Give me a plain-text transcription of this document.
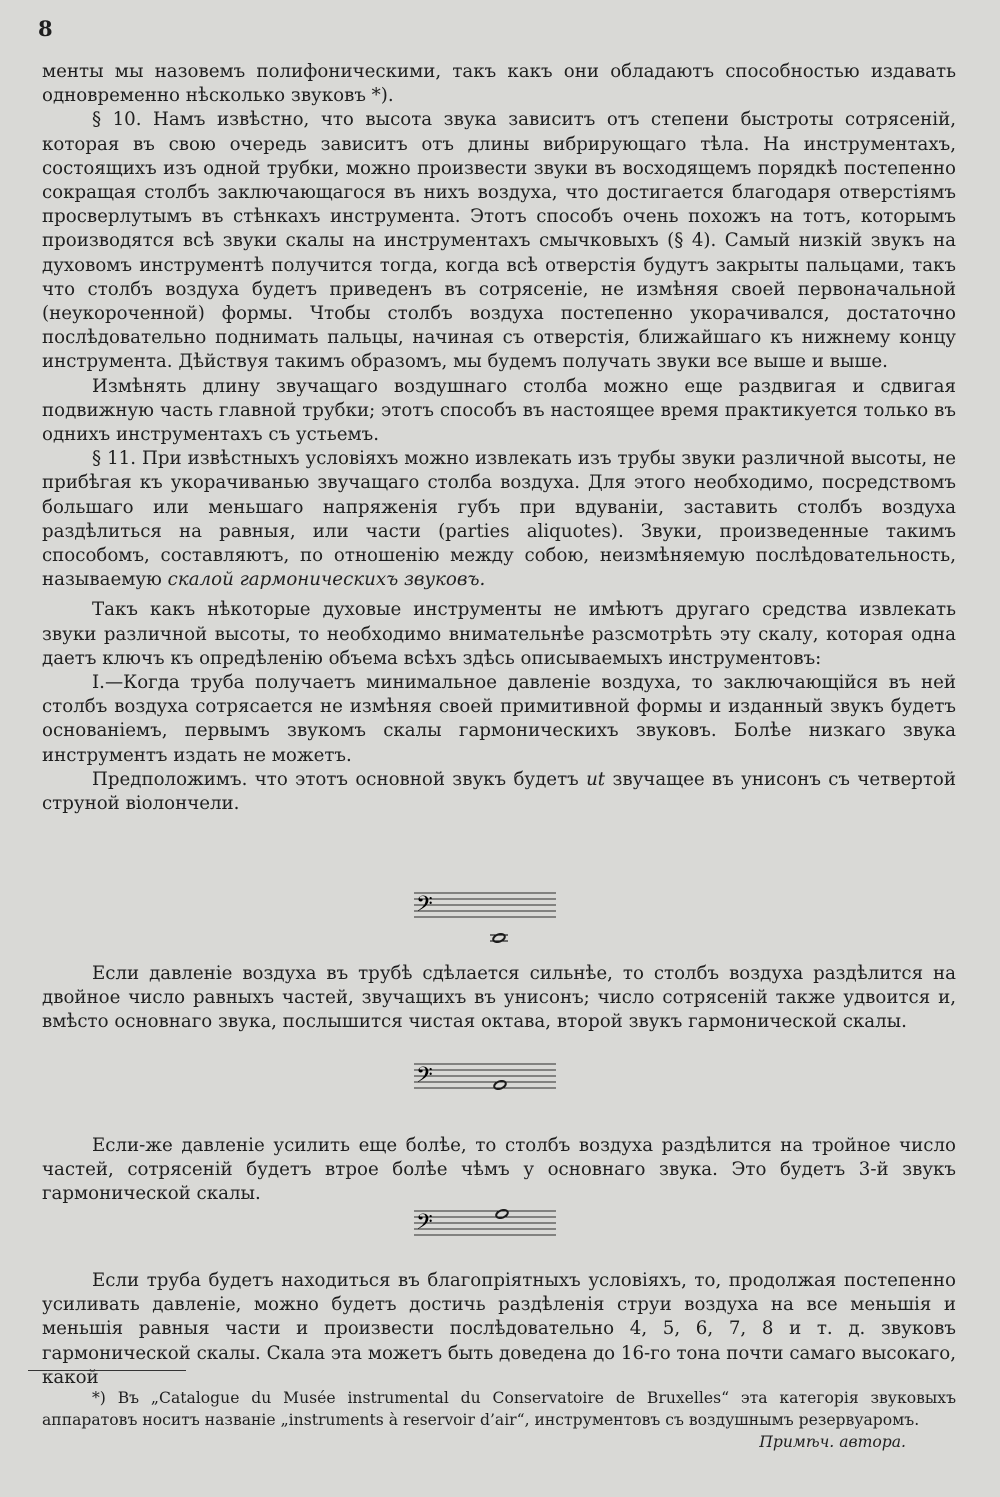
8

менты мы назовемъ полифоническими, такъ какъ они обладаютъ способностью издавать одновременно нѣсколько звуковъ *).

§ 10. Намъ извѣстно, что высота звука зависитъ отъ степени быстроты сотрясеній, которая въ свою очередь зависитъ отъ длины вибрирующаго тѣла. На инструментахъ, состоящихъ изъ одной трубки, можно произвести звуки въ восходящемъ порядкѣ постепенно сокращая столбъ заключающагося въ нихъ воздуха, что достигается благодаря отверстіямъ просверлутымъ въ стѣнкахъ инструмента. Этотъ способъ очень похожъ на тотъ, которымъ производятся всѣ звуки скалы на инструментахъ смычковыхъ (§ 4). Самый низкій звукъ на духовомъ инструментѣ получится тогда, когда всѣ отверстія будутъ закрыты пальцами, такъ что столбъ воздуха будетъ приведенъ въ сотрясеніе, не измѣняя своей первоначальной (неукороченной) формы. Чтобы столбъ воздуха постепенно укорачивался, достаточно послѣдовательно поднимать пальцы, начиная съ отверстія, ближайшаго къ нижнему концу инструмента. Дѣйствуя такимъ образомъ, мы будемъ получать звуки все выше и выше.

Измѣнять длину звучащаго воздушнаго столба можно еще раздвигая и сдвигая подвижную часть главной трубки; этотъ способъ въ настоящее время практикуется только въ однихъ инструментахъ съ устьемъ.

§ 11. При извѣстныхъ условіяхъ можно извлекать изъ трубы звуки различной высоты, не прибѣгая къ укорачиванью звучащаго столба воздуха. Для этого необходимо, посредствомъ большаго или меньшаго напряженія губъ при вдуваніи, заставить столбъ воздуха раздѣлиться на равныя, или части (parties aliquotes). Звуки, произведенные такимъ способомъ, составляютъ, по отношенію между собою, неизмѣняемую послѣдовательность, называемую скалой гармоническихъ звуковъ.

Такъ какъ нѣкоторые духовые инструменты не имѣютъ другаго средства извлекать звуки различной высоты, то необходимо внимательнѣе разсмотрѣть эту скалу, которая одна даетъ ключъ къ опредѣленію объема всѣхъ здѣсь описываемыхъ инструментовъ:

I.—Когда труба получаетъ минимальное давленіе воздуха, то заключающійся въ ней столбъ воздуха сотрясается не измѣняя своей примитивной формы и изданный звукъ будетъ основаніемъ, первымъ звукомъ скалы гармоническихъ звуковъ. Болѣе низкаго звука инструментъ издать не можетъ.

Предположимъ. что этотъ основной звукъ будетъ ut звучащее въ унисонъ съ четвертой струной віолончели.

𝄢

Если давленіе воздуха въ трубѣ сдѣлается сильнѣе, то столбъ воздуха раздѣлится на двойное число равныхъ частей, звучащихъ въ унисонъ; число сотрясеній также удвоится и, вмѣсто основнаго звука, послышится чистая октава, второй звукъ гармонической скалы.

𝄢

Если-же давленіе усилить еще болѣе, то столбъ воздуха раздѣлится на тройное число частей, сотрясеній будетъ втрое болѣе чѣмъ у основнаго звука. Это будетъ 3-й звукъ гармонической скалы.

𝄢

Если труба будетъ находиться въ благопріятныхъ условіяхъ, то, продолжая постепенно усиливать давленіе, можно будетъ достичь раздѣленія струи воздуха на все меньшія и меньшія равныя части и произвести послѣдовательно 4, 5, 6, 7, 8 и т. д. звуковъ гармонической скалы. Скала эта можетъ быть доведена до 16-го тона почти самаго высокаго, какой

*) Въ „Catalogue du Musée instrumental du Conservatoire de Bruxelles“ эта категорія звуковыхъ аппаратовъ носитъ названіе „instruments à reservoir d’air“, инструментовъ съ воздушнымъ резервуаромъ.

Примѣч. автора.
